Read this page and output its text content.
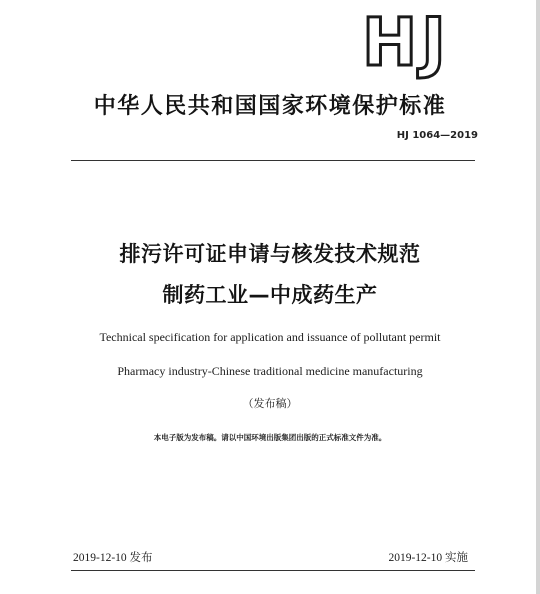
HJ
中华人民共和国国家环境保护标准
HJ 1064—2019
排污许可证申请与核发技术规范
制药工业—中成药生产
Technical specification for application and issuance of pollutant permit
Pharmacy industry-Chinese traditional medicine manufacturing
（发布稿）
本电子版为发布稿。请以中国环境出版集团出版的正式标准文件为准。
2019-12-10 发布	2019-12-10 实施
